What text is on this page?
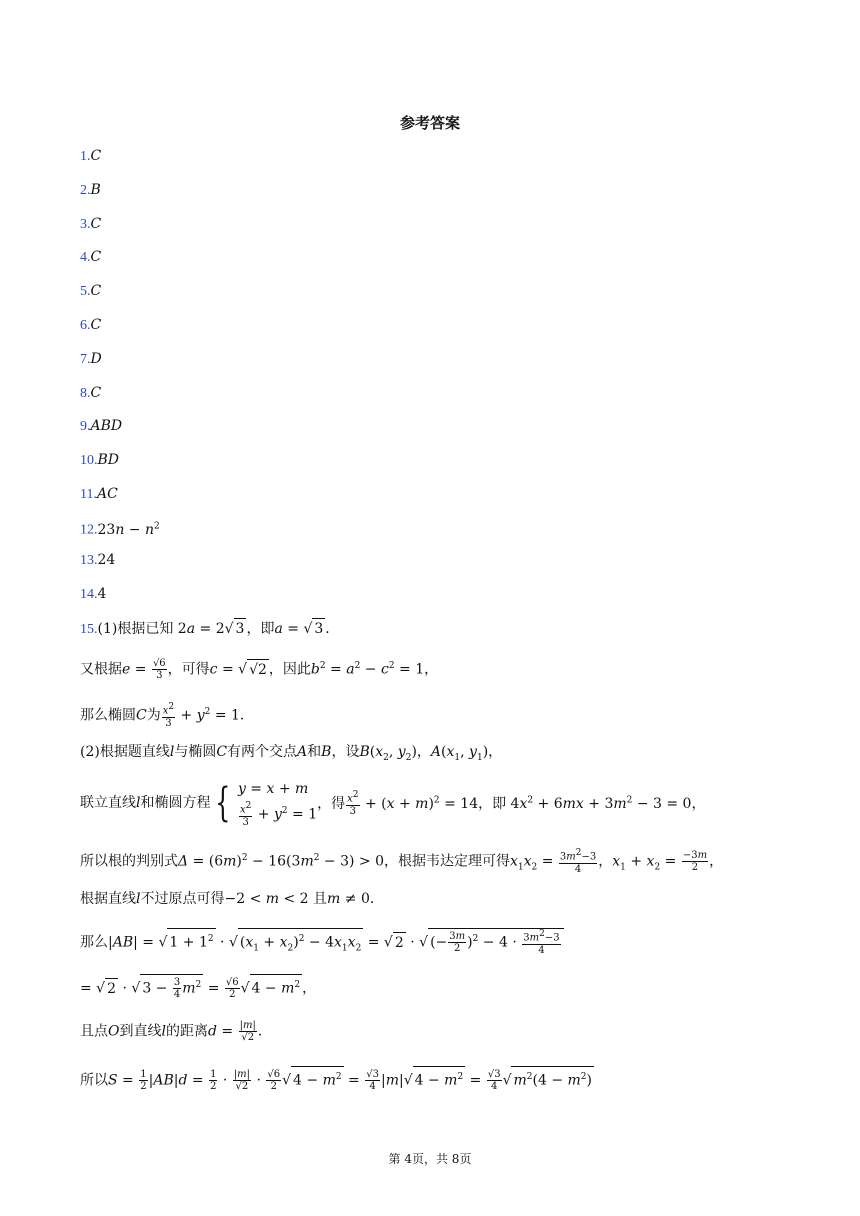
参考答案
1.C
2.B
3.C
4.C
5.C
6.C
7.D
8.C
9.ABD
10.BD
11.AC
$12.23n - n^2$
13.24
14.4
15.(1)根据已知 2a = 2√ 3 ，即a = √ 3 ．
又根据$e = \frac{√6}{3}$ ，可得c = √ √2 ，因此$b^2 = a^2 - c^2 = 1$，
那么椭圆C为 $\frac{x^2}{3} + y^2 = 1$．
(2)根据题直线l与椭圆C有两个交点A和B，设$B(x_2$, $y_2$)，$A(x_1$, $y_1$)，
联立直线l和椭圆方程 { y = x + m
$\frac{x^2}{3} + y^2 = 1$
，得 $\frac{x^2}{3} + (x + m)^2 = 14$，即 $4x^2 + 6mx + 3m^2 - 3 = 0$，
所以根的判别式$\Delta = (6m)^2 - 16(3m^2 - 3) > 0$，根据韦达定理可得$x_1x_2 = \frac{3m^2-3}{4}$ ，$x_1 + x_2 = \frac{-3m}{2}$ ，
根据直线l不过原点可得−2 < m < 2 且m ≠ 0．
那么|AB| = √ $1 + 1^2$ · √ $(x_1 + x_2)^2 - 4x_1x_2$ = √ 2 · √ (− $\frac{3m}{2} )^2 - 4 \cdot \frac{3m^2-3}{4}$
= √ 2 · √ $3 - \frac{3}{4} m^2 = \frac{√6}{2}$ √ $4 - m^2$ ，
且点O到直线l的距离$d = \frac{|m|}{√2}$ .
所以$S = \frac{1}{2} |AB|d = \frac{1}{2} \cdot \frac{|m|}{√2} \cdot \frac{√6}{2}$ √ $4 - m^2 = \frac{√3}{4} |m|√$ $4 - m^2 = \frac{√3}{4}$ √ $m^2(4 - m^2)$
第 4页，共 8页
